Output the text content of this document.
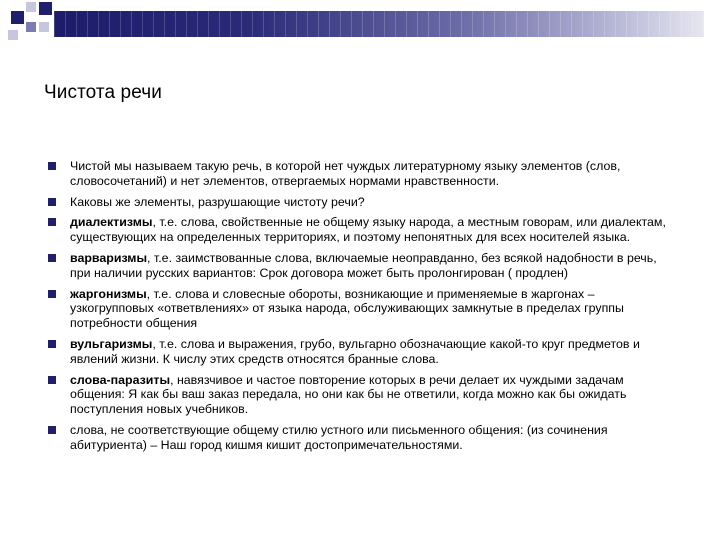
Чистота речи
Чистой мы называем такую речь, в которой нет чуждых литературному языку элементов (слов, словосочетаний) и нет элементов, отвергаемых нормами нравственности.
Каковы же элементы, разрушающие чистоту речи?
диалектизмы, т.е. слова, свойственные не общему языку народа, а местным говорам, или диалектам, существующих на определенных территориях, и поэтому непонятных для всех носителей языка.
варваризмы, т.е. заимствованные слова, включаемые неоправданно, без всякой надобности в речь, при наличии русских вариантов: Срок договора может быть пролонгирован ( продлен)
жаргонизмы, т.е. слова и словесные обороты, возникающие и применяемые в жаргонах – узкогрупповых «ответвлениях» от языка народа, обслуживающих замкнутые в пределах группы потребности общения
вульгаризмы, т.е. слова и выражения, грубо, вульгарно обозначающие какой-то круг предметов и явлений жизни. К числу этих средств относятся бранные слова.
слова-паразиты, навязчивое и частое повторение которых в речи делает их чуждыми задачам общения: Я как бы ваш заказ передала, но они как бы не ответили, когда можно как бы ожидать поступления новых учебников.
слова, не соответствующие общему стилю устного или письменного общения: (из сочинения абитуриента) – Наш город кишмя кишит достопримечательностями.
